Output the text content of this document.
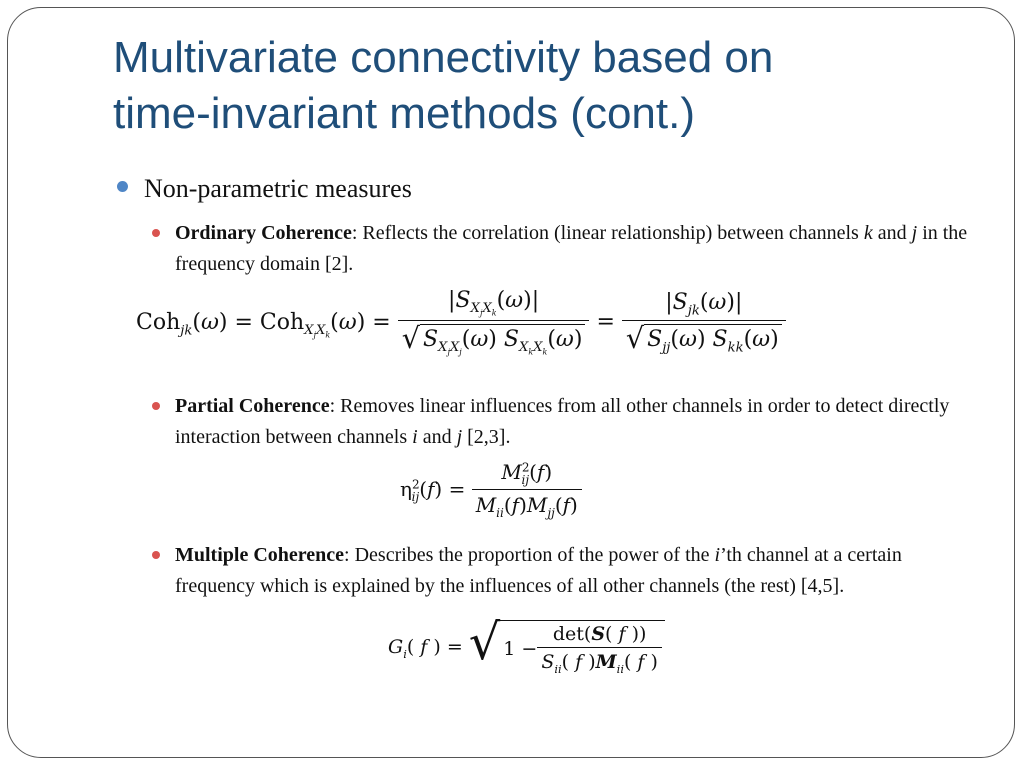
Multivariate connectivity based on
time-invariant methods (cont.)
Non-parametric measures
Ordinary Coherence: Reflects the correlation (linear relationship) between channels k and j in the frequency domain [2].
$Coh_{jk}(\omega) = Coh_{X_jX_k}(\omega) = \frac{|S_{X_jX_k}(\omega)|}{√ S_{X_jX_j}(\omega) S_{X_kX_k}(\omega)} = \frac{|S_{jk}(\omega)|}{√ S_{jj}(\omega) S_{kk}(\omega)}$
Partial Coherence: Removes linear influences from all other channels in order to detect directly interaction between channels i and j [2,3].
$\eta^2_{ij}(f) = \frac{M^2_{ij}(f)}{M_{ii}(f)M_{jj}(f)}$
Multiple Coherence: Describes the proportion of the power of the i’th channel at a certain frequency which is explained by the influences of all other channels (the rest) [4,5].
$G_i$( f ) = √ $1 - \frac{\det(S( f ))}{S_{ii}( f )M_{ii}( f )}$
